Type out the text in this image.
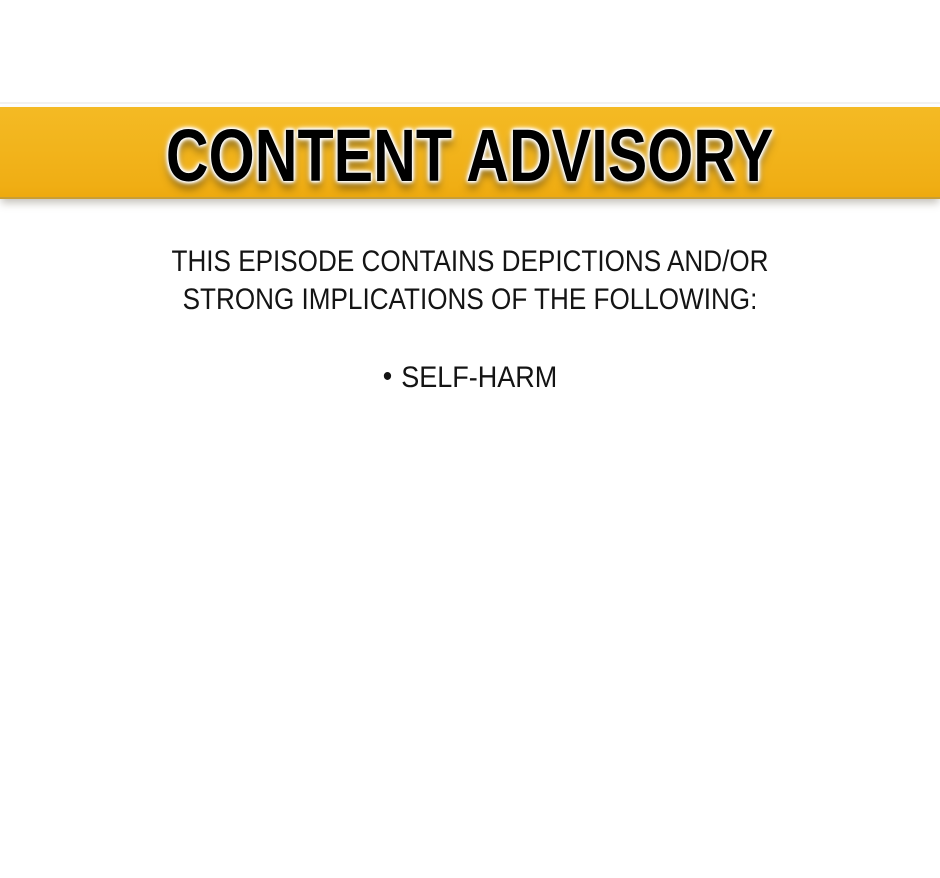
CONTENT ADVISORY

THIS EPISODE CONTAINS DEPICTIONS AND/OR

STRONG IMPLICATIONS OF THE FOLLOWING:

• SELF-HARM
